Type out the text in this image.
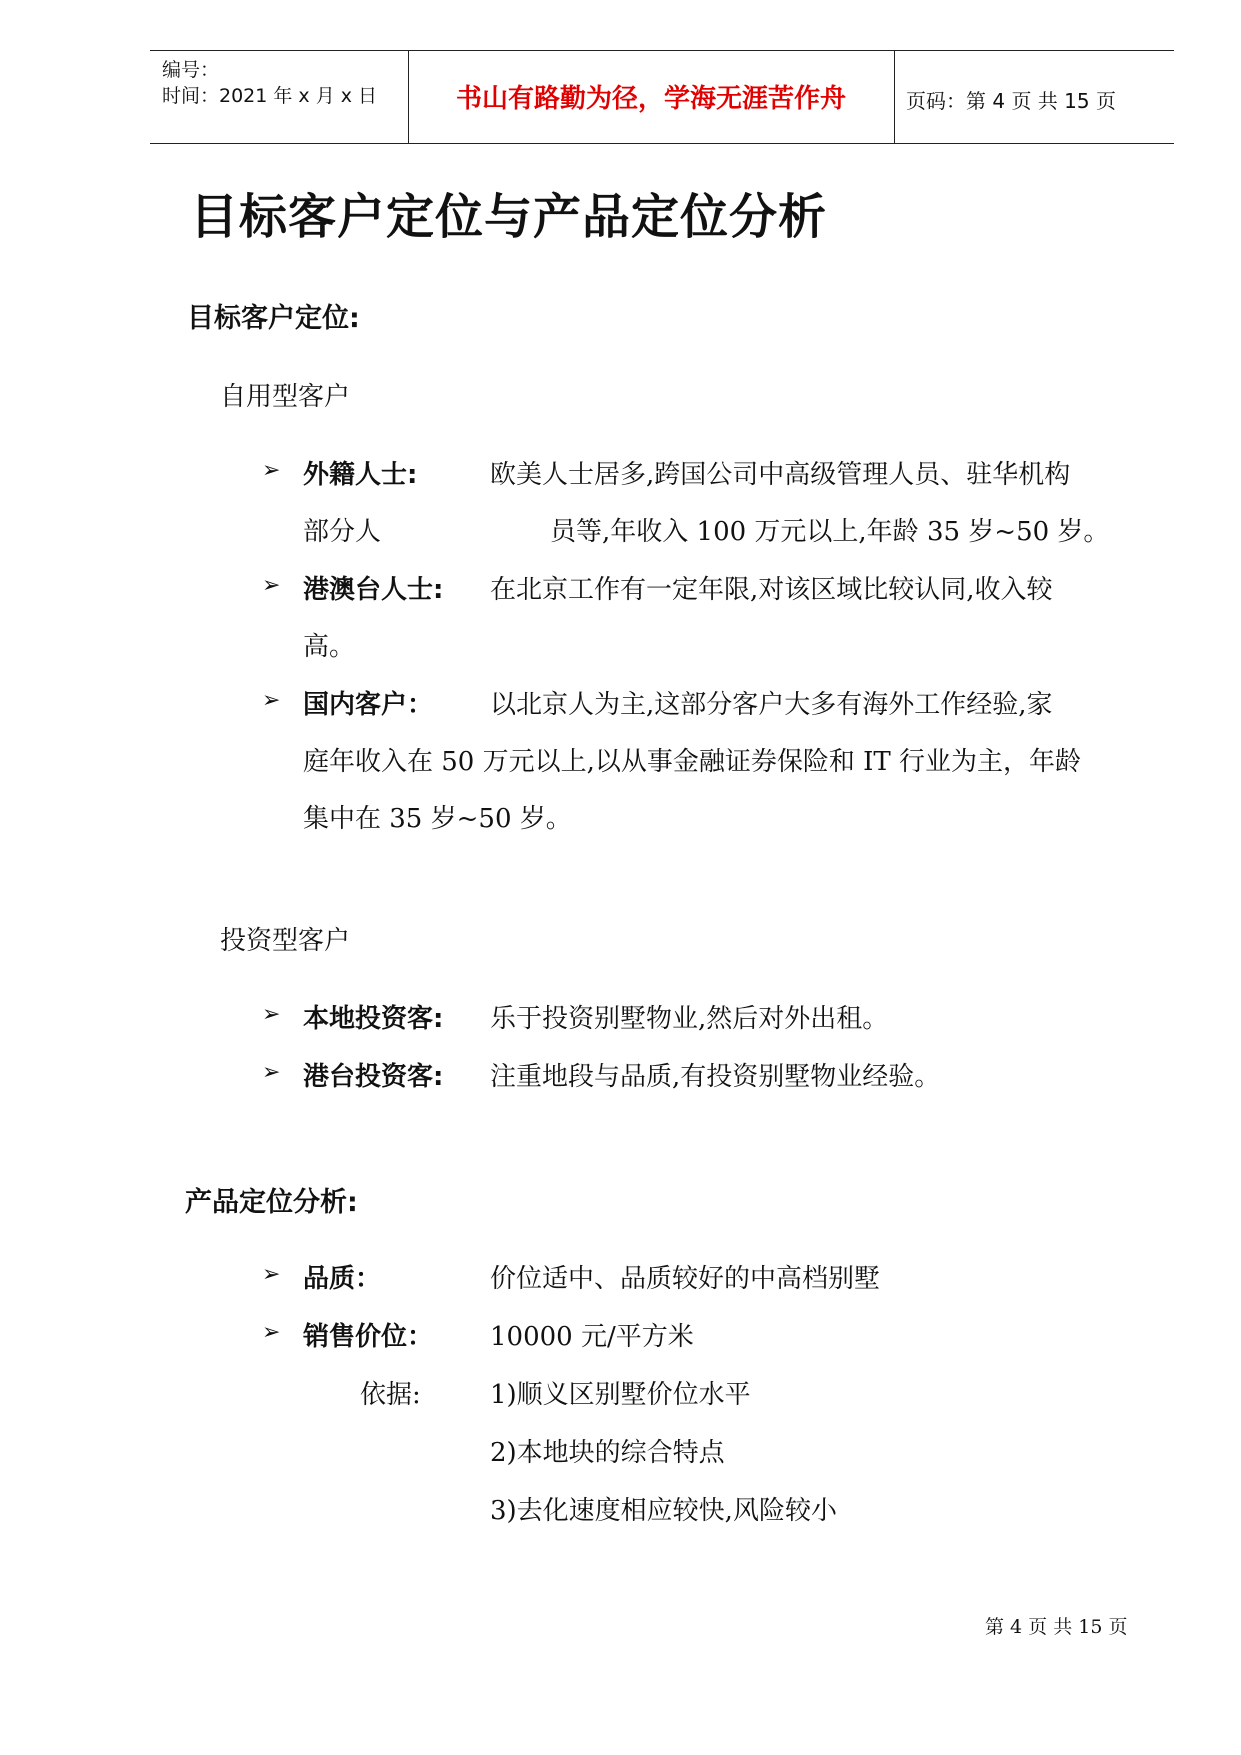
编号：
时间：2021 年 x 月 x 日	书山有路勤为径，学海无涯苦作舟	页码：第 4 页 共 15 页
目标客户定位与产品定位分析
目标客户定位:
自用型客户
➢ 外籍人士:	欧美人士居多,跨国公司中高级管理人员、驻华机构
部分人	员等,年收入 100 万元以上,年龄 35 岁~50 岁。
➢ 港澳台人士: 在北京工作有一定年限,对该区域比较认同,收入较
高。
➢ 国内客户： 以北京人为主,这部分客户大多有海外工作经验,家
庭年收入在 50 万元以上,以从事金融证券保险和 IT 行业为主，年龄
集中在 35 岁~50 岁。
投资型客户
➢ 本地投资客: 乐于投资别墅物业,然后对外出租。
➢ 港台投资客: 注重地段与品质,有投资别墅物业经验。
产品定位分析:
➢ 品质：	价位适中、品质较好的中高档别墅
➢ 销售价位： 10000 元/平方米
依据:	1)顺义区别墅价位水平
2)本地块的综合特点
3)去化速度相应较快,风险较小
第 4 页 共 15 页
